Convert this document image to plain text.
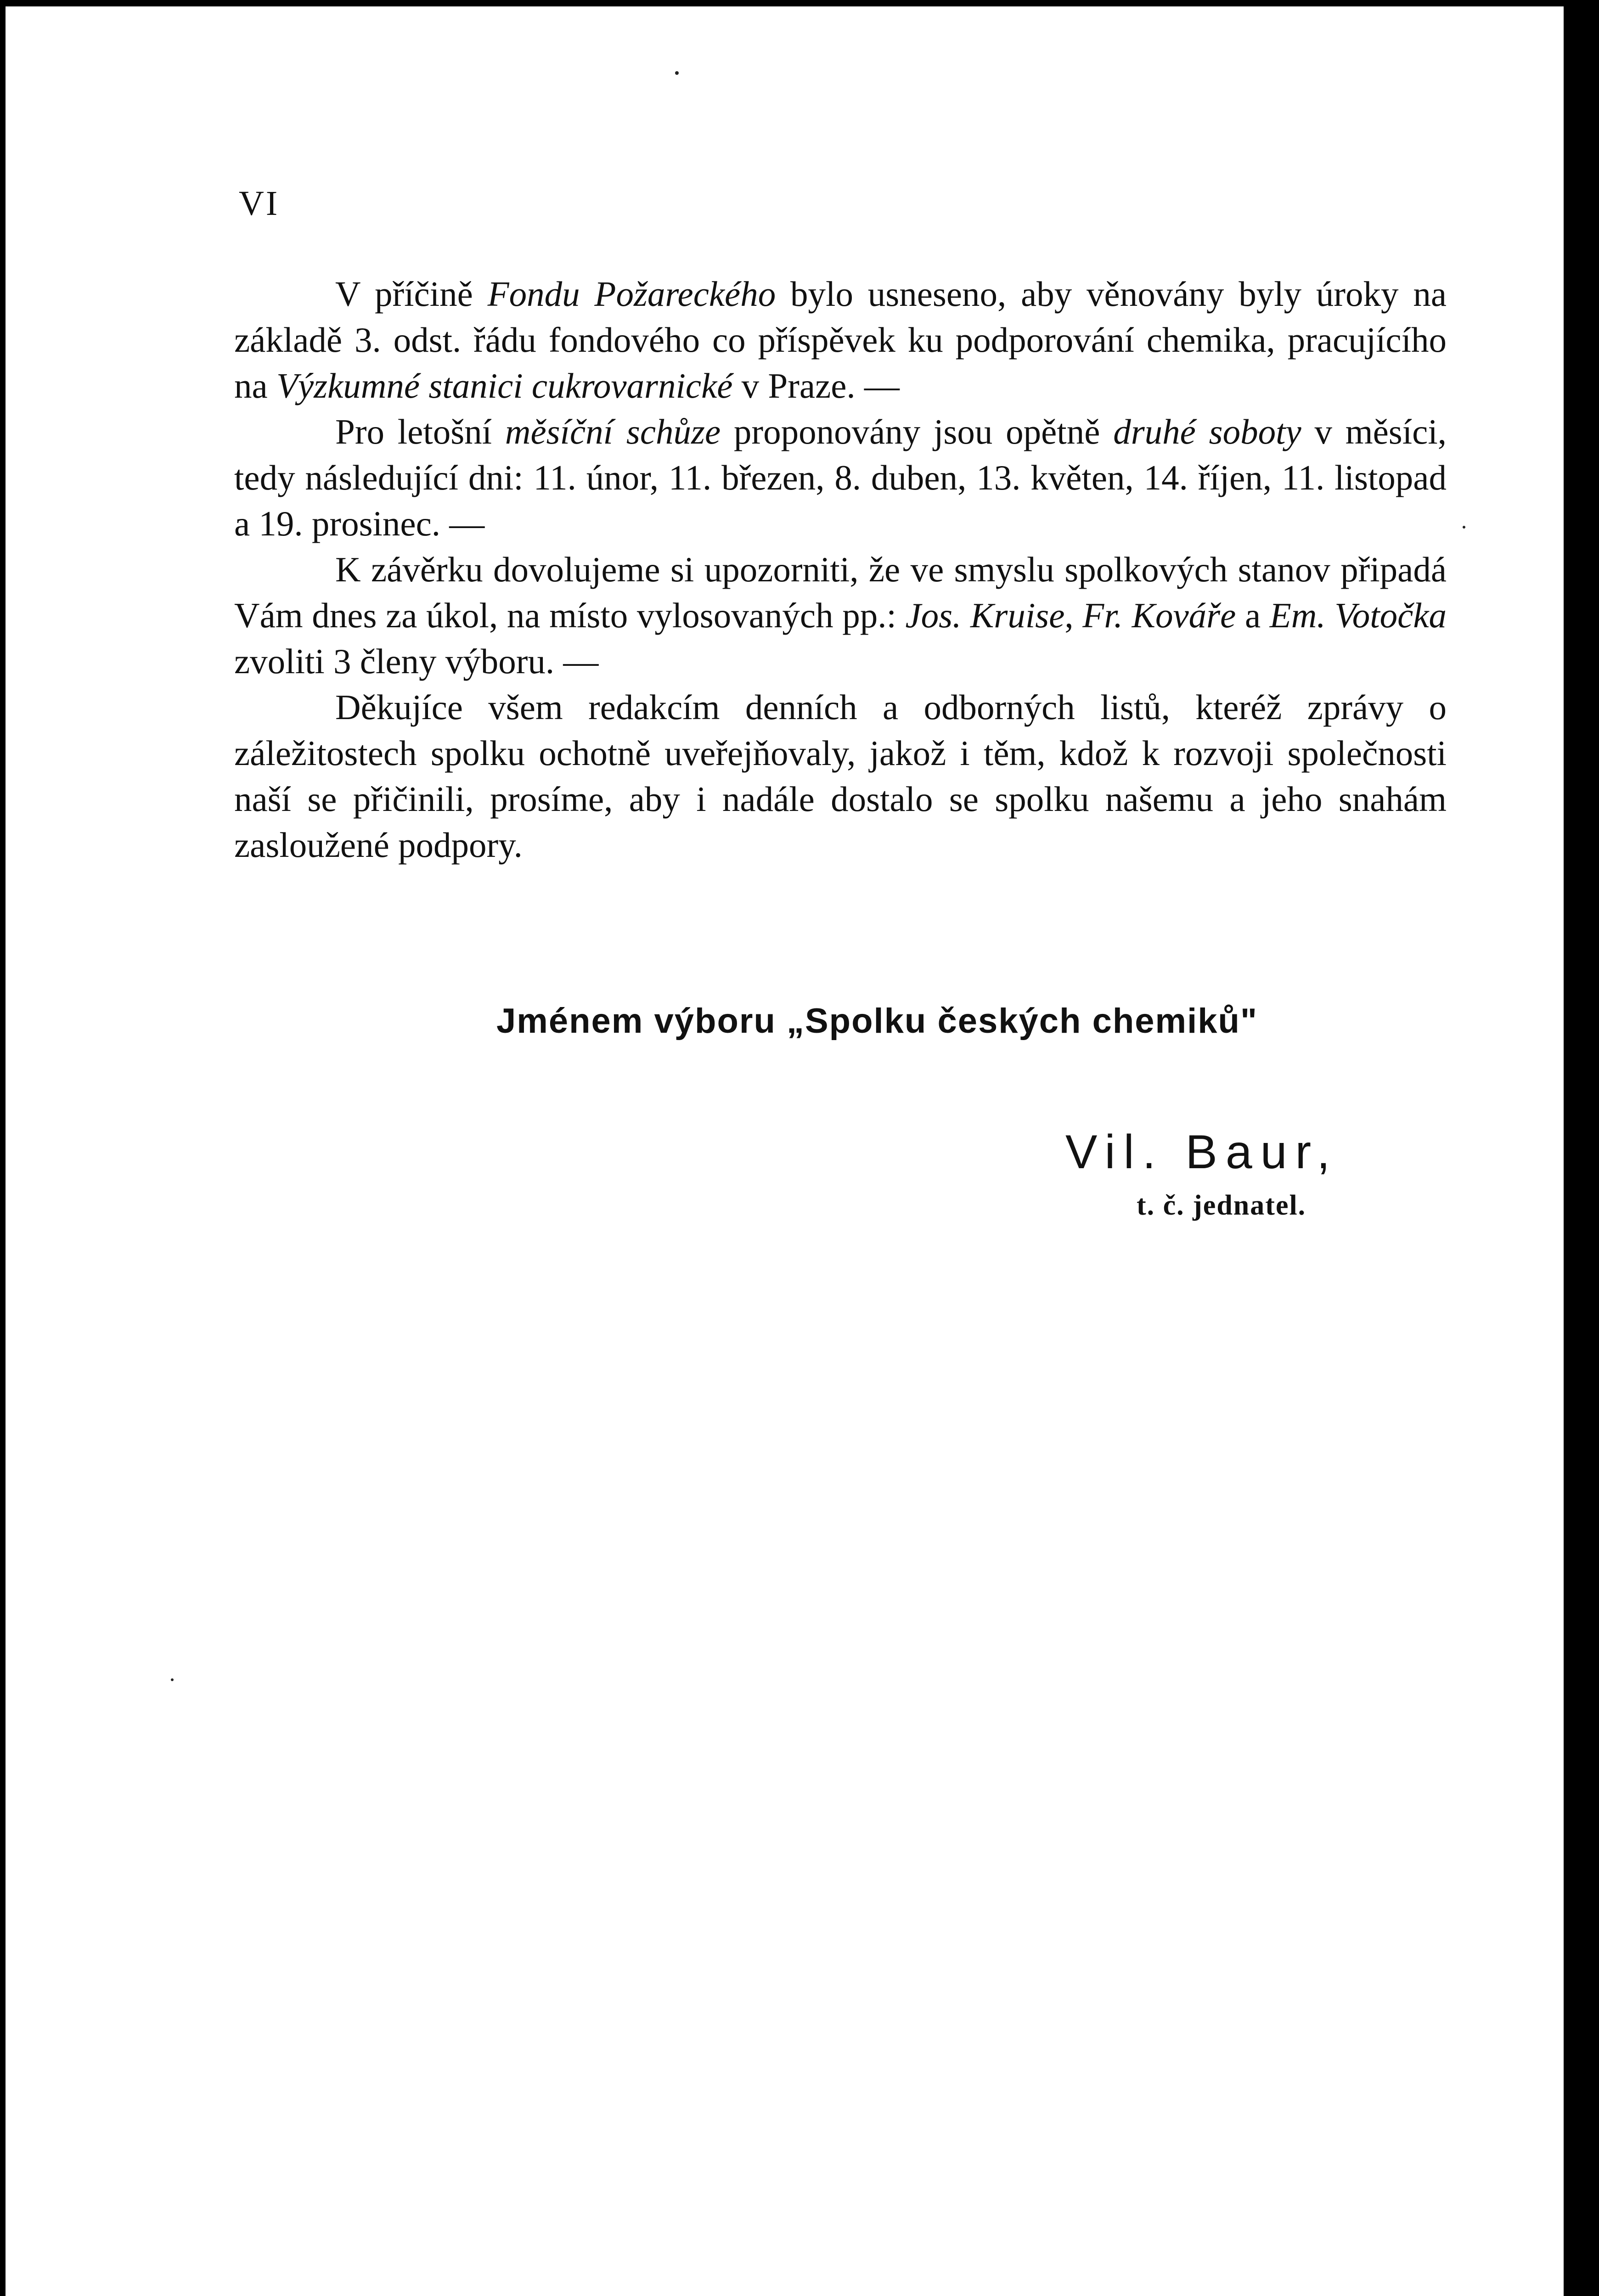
VI

V příčině Fondu Požareckého bylo usneseno, aby věnovány byly úroky na základě 3. odst. řádu fondového co příspěvek ku podporování chemika, pracujícího na Výzkumné stanici cukrovarnické v Praze. —

Pro letošní měsíční schůze proponovány jsou opětně druhé soboty v měsíci, tedy následující dni: 11. únor, 11. březen, 8. duben, 13. květen, 14. říjen, 11. listopad a 19. prosinec. —

K závěrku dovolujeme si upozorniti, že ve smyslu spolkových stanov připadá Vám dnes za úkol, na místo vylosovaných pp.: Jos. Kruise, Fr. Kováře a Em. Votočka zvoliti 3 členy výboru. —

Děkujíce všem redakcím denních a odborných listů, kteréž zprávy o záležitostech spolku ochotně uveřejňovaly, jakož i těm, kdož k rozvoji společnosti naší se přičinili, prosíme, aby i nadále dostalo se spolku našemu a jeho snahám zasloužené podpory.

Jménem výboru „Spolku českých chemiků"
Vil. Baur,
t. č. jednatel.
